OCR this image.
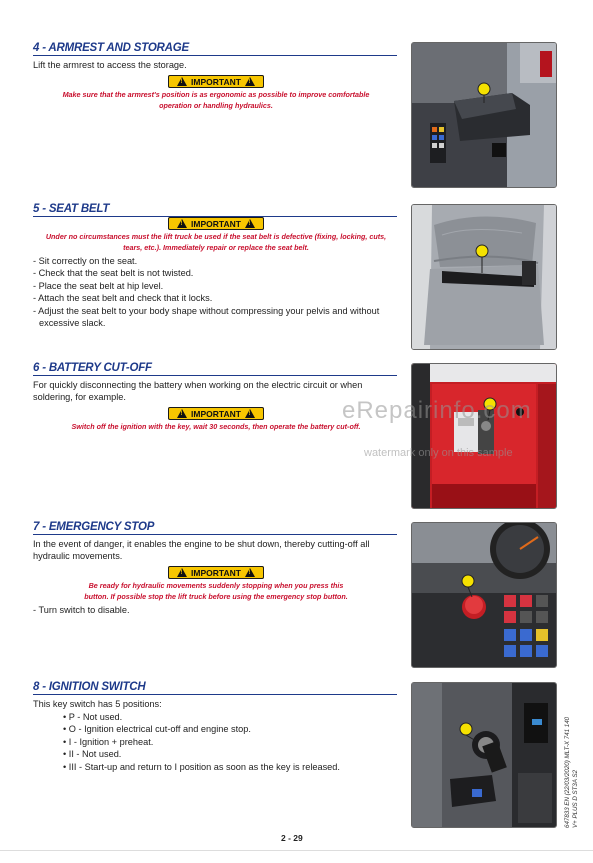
4 - ARMREST AND STORAGE
Lift the armrest to access the storage.
!
IMPORTANT
!
Make sure that the armrest's position is as ergonomic as possible to improve comfortable operation or handling hydraulics.
5 - SEAT BELT
!
IMPORTANT
!
Under no circumstances must the lift truck be used if the seat belt is defective (fixing, locking, cuts, tears, etc.). Immediately repair or replace the seat belt.
- Sit correctly on the seat.
- Check that the seat belt is not twisted.
- Place the seat belt at hip level.
- Attach the seat belt and check that it locks.
- Adjust the seat belt to your body shape without compressing your pelvis and without excessive slack.
6 - BATTERY CUT-OFF
For quickly disconnecting the battery when working on the electric circuit or when soldering, for example.
!
IMPORTANT
!
Switch off the ignition with the key, wait 30 seconds, then operate the battery cut-off.
7 - EMERGENCY STOP
In the event of danger, it enables the engine to be shut down, thereby cutting-off all hydraulic movements.
!
IMPORTANT
!
Be ready for hydraulic movements suddenly stopping when you press this button. If possible stop the lift truck before using the emergency stop button.
- Turn switch to disable.
8 - IGNITION SWITCH
This key switch has 5 positions:
• P - Not used.
• O - Ignition electrical cut-off and engine stop.
• I - Ignition + preheat.
• II - Not used.
• III - Start-up and return to I position as soon as the key is released.
eRepairinfo.com
watermark only on this sample
647833 EN (22/03/2020) MLT-X 741 140 V+ PLUS D ST3A S2
2 - 29
